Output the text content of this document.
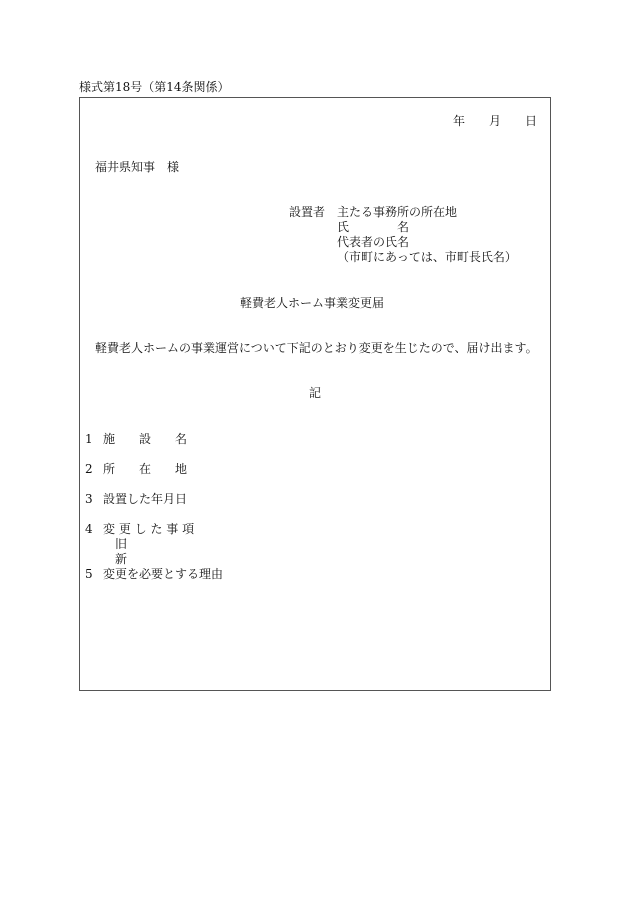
様式第18号（第14条関係）
年 月 日
福井県知事　様
設置者 主たる事務所の所在地
氏　　　　名
代表者の氏名
（市町にあっては、市町長氏名）
軽費老人ホーム事業変更届
軽費老人ホームの事業運営について下記のとおり変更を生じたので、届け出ます。
記
1 施　　設　　名
2 所　　在　　地
3 設置した年月日
4 変 更 し た 事 項
旧
新
5 変更を必要とする理由
